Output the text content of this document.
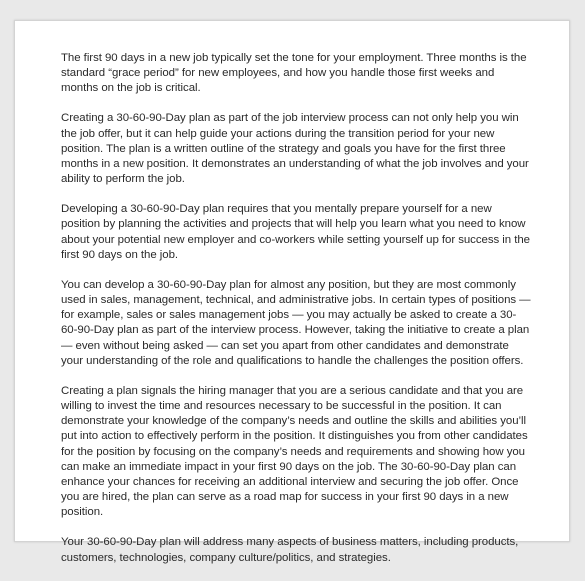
The first 90 days in a new job typically set the tone for your employment. Three months is the standard “grace period” for new employees, and how you handle those first weeks and months on the job is critical.

Creating a 30-60-90-Day plan as part of the job interview process can not only help you win the job offer, but it can help guide your actions during the transition period for your new position. The plan is a written outline of the strategy and goals you have for the first three months in a new position. It demonstrates an understanding of what the job involves and your ability to perform the job.

Developing a 30-60-90-Day plan requires that you mentally prepare yourself for a new position by planning the activities and projects that will help you learn what you need to know about your potential new employer and co-workers while setting yourself up for success in the first 90 days on the job.

You can develop a 30-60-90-Day plan for almost any position, but they are most commonly used in sales, management, technical, and administrative jobs. In certain types of positions — for example, sales or sales management jobs — you may actually be asked to create a 30-60-90-Day plan as part of the interview process. However, taking the initiative to create a plan — even without being asked — can set you apart from other candidates and demonstrate your understanding of the role and qualifications to handle the challenges the position offers.

Creating a plan signals the hiring manager that you are a serious candidate and that you are willing to invest the time and resources necessary to be successful in the position. It can demonstrate your knowledge of the company’s needs and outline the skills and abilities you’ll put into action to effectively perform in the position. It distinguishes you from other candidates for the position by focusing on the company’s needs and requirements and showing how you can make an immediate impact in your first 90 days on the job. The 30-60-90-Day plan can enhance your chances for receiving an additional interview and securing the job offer. Once you are hired, the plan can serve as a road map for success in your first 90 days in a new position.

Your 30-60-90-Day plan will address many aspects of business matters, including products, customers, technologies, company culture/politics, and strategies.
